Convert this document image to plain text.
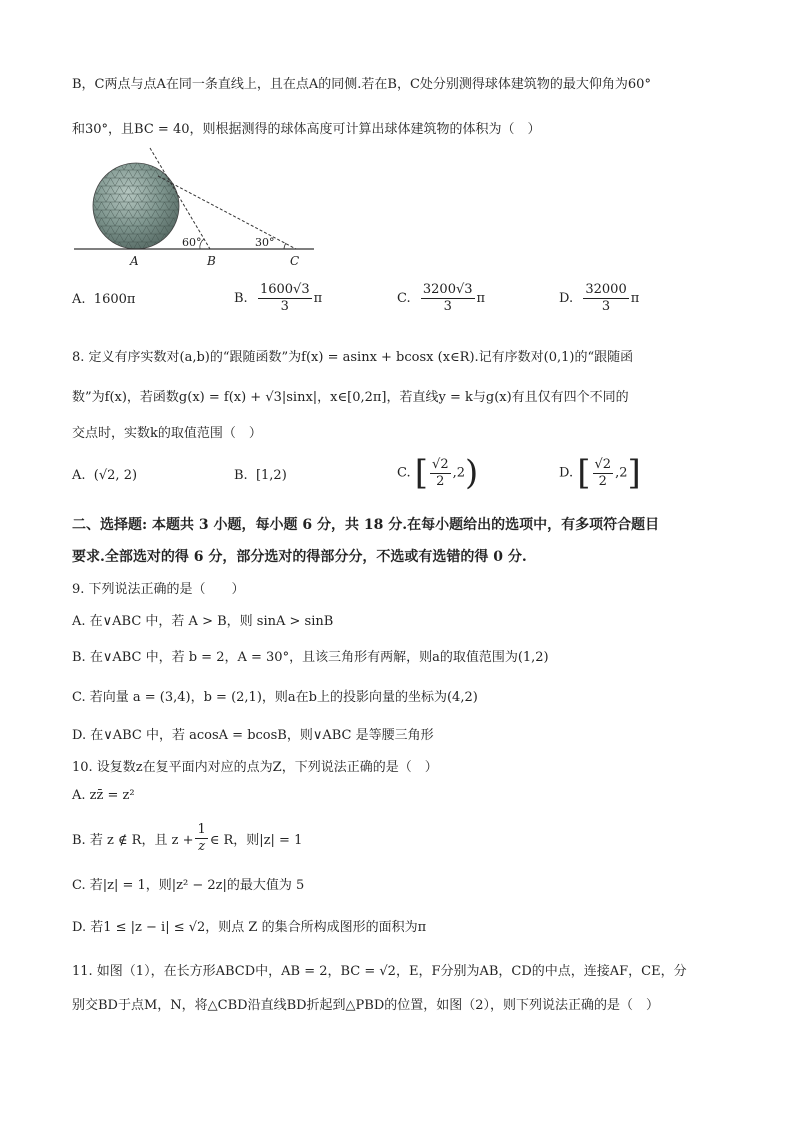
B，C两点与点A在同一条直线上，且在点A的同侧.若在B，C处分别测得球体建筑物的最大仰角为60°
和30°，且BC = 40，则根据测得的球体高度可计算出球体建筑物的体积为（　）
60°	30°
A	B	C
A. 1600π	B. $\frac{1600√3}{3}$ π	C. $\frac{3200√3}{3}$ π	D. $\frac{32000}{3}$ π
8. 定义有序实数对(a,b)的“跟随函数”为f(x) = asinx + bcosx (x∈R).记有序数对(0,1)的“跟随函
数”为f(x)，若函数g(x) = f(x) + √3|sinx|，x∈[0,2π]，若直线y = k与g(x)有且仅有四个不同的
交点时，实数k的取值范围（　）
A. (√2, 2)	B. [1,2)	C. [ $\frac{√2}{2} ,2$)	D. [ $\frac{√2}{2} ,2$]
二、选择题: 本题共 3 小题，每小题 6 分，共 18 分.在每小题给出的选项中，有多项符合题目
要求.全部选对的得 6 分，部分选对的得部分分，不选或有选错的得 0 分.
9. 下列说法正确的是（　　）
A. 在∨ABC 中，若 A > B，则 sinA > sinB
B. 在∨ABC 中，若 b = 2，A = 30°，且该三角形有两解，则a的取值范围为(1,2)
C. 若向量 a = (3,4)，b = (2,1)，则a在b上的投影向量的坐标为(4,2)
D. 在∨ABC 中，若 acosA = bcosB，则∨ABC 是等腰三角形
10. 设复数z在复平面内对应的点为Z，下列说法正确的是（　）
A. zz̄ = z²
B. 若 z ∉ R，且 $z + \frac{1}{z}$ ∈ R，则|z| = 1
C. 若|z| = 1，则|z² − 2z|的最大值为 5
D. 若1 ≤ |z − i| ≤ √2，则点 Z 的集合所构成图形的面积为π
11. 如图（1），在长方形ABCD中，AB = 2，BC = √2，E，F分别为AB，CD的中点，连接AF，CE，分
别交BD于点M，N，将△CBD沿直线BD折起到△PBD的位置，如图（2），则下列说法正确的是（　）
